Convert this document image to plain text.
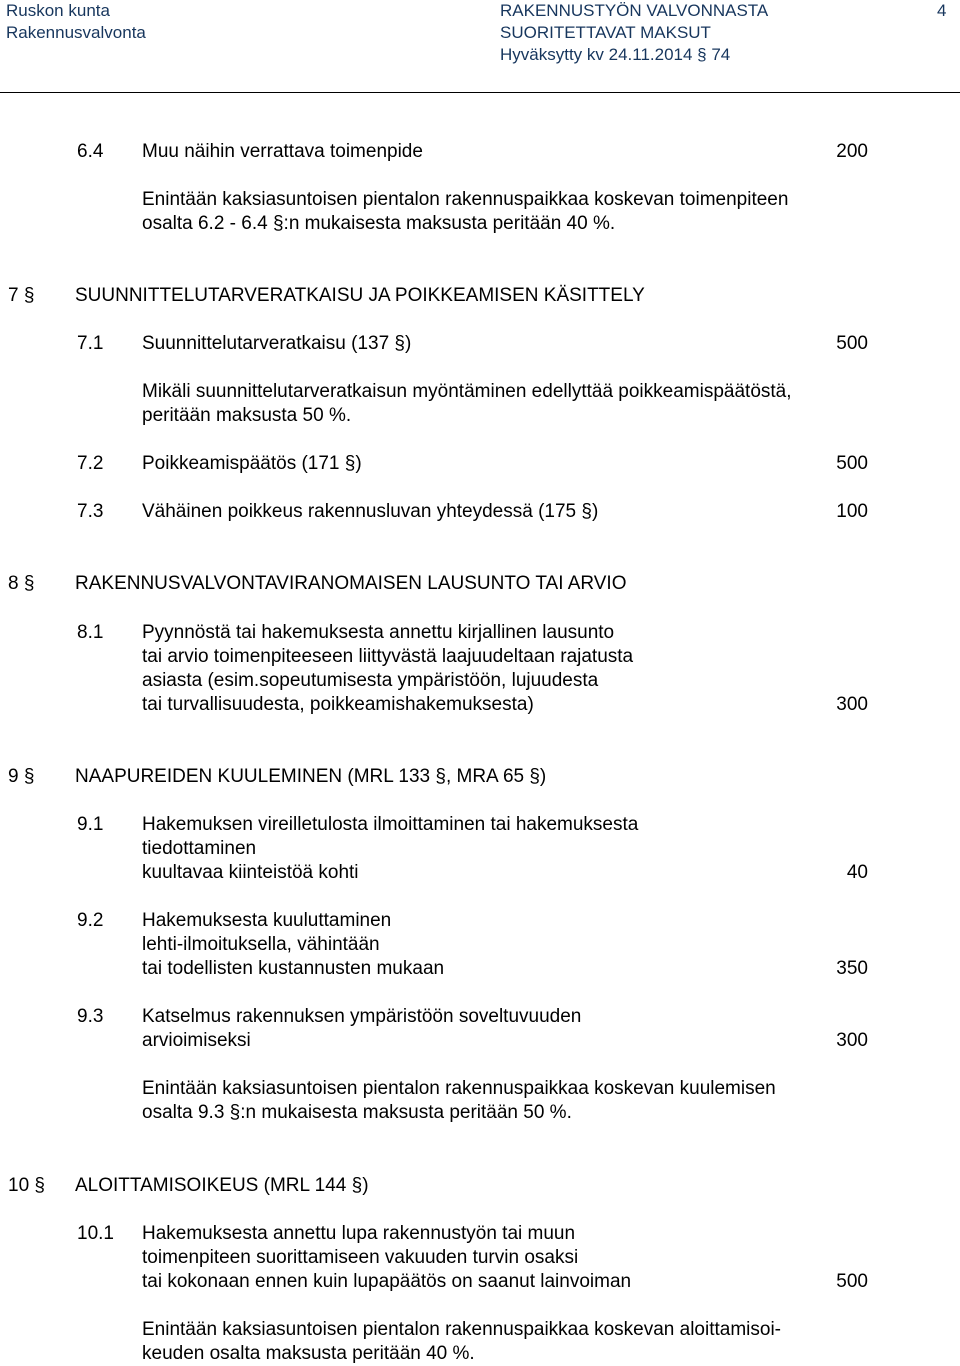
Ruskon kunta
Rakennusvalvonta
RAKENNUSTYÖN VALVONNASTA
SUORITETTAVAT MAKSUT
Hyväksytty kv 24.11.2014 § 74
4
6.4 Muu näihin verrattava toimenpide	200
Enintään kaksiasuntoisen pientalon rakennuspaikkaa koskevan toimenpiteen
osalta 6.2 - 6.4 §:n mukaisesta maksusta peritään 40 %.
7 § SUUNNITTELUTARVERATKAISU JA POIKKEAMISEN KÄSITTELY
7.1 Suunnittelutarveratkaisu (137 §)	500
Mikäli suunnittelutarveratkaisun myöntäminen edellyttää poikkeamispäätöstä,
peritään maksusta 50 %.
7.2 Poikkeamispäätös (171 §)	500
7.3 Vähäinen poikkeus rakennusluvan yhteydessä (175 §)	100
8 § RAKENNUSVALVONTAVIRANOMAISEN LAUSUNTO TAI ARVIO
8.1 Pyynnöstä tai hakemuksesta annettu kirjallinen lausunto
tai arvio toimenpiteeseen liittyvästä laajuudeltaan rajatusta
asiasta (esim.sopeutumisesta ympäristöön, lujuudesta
tai turvallisuudesta, poikkeamishakemuksesta)	300
9 § NAAPUREIDEN KUULEMINEN (MRL 133 §, MRA 65 §)
9.1 Hakemuksen vireilletulosta ilmoittaminen tai hakemuksesta
tiedottaminen
kuultavaa kiinteistöä kohti	40
9.2 Hakemuksesta kuuluttaminen
lehti-ilmoituksella, vähintään
tai todellisten kustannusten mukaan	350
9.3 Katselmus rakennuksen ympäristöön soveltuvuuden
arvioimiseksi	300
Enintään kaksiasuntoisen pientalon rakennuspaikkaa koskevan kuulemisen
osalta 9.3 §:n mukaisesta maksusta peritään 50 %.
10 § ALOITTAMISOIKEUS (MRL 144 §)
10.1 Hakemuksesta annettu lupa rakennustyön tai muun
toimenpiteen suorittamiseen vakuuden turvin osaksi
tai kokonaan ennen kuin lupapäätös on saanut lainvoiman	500
Enintään kaksiasuntoisen pientalon rakennuspaikkaa koskevan aloittamisoi-
keuden osalta maksusta peritään 40 %.
